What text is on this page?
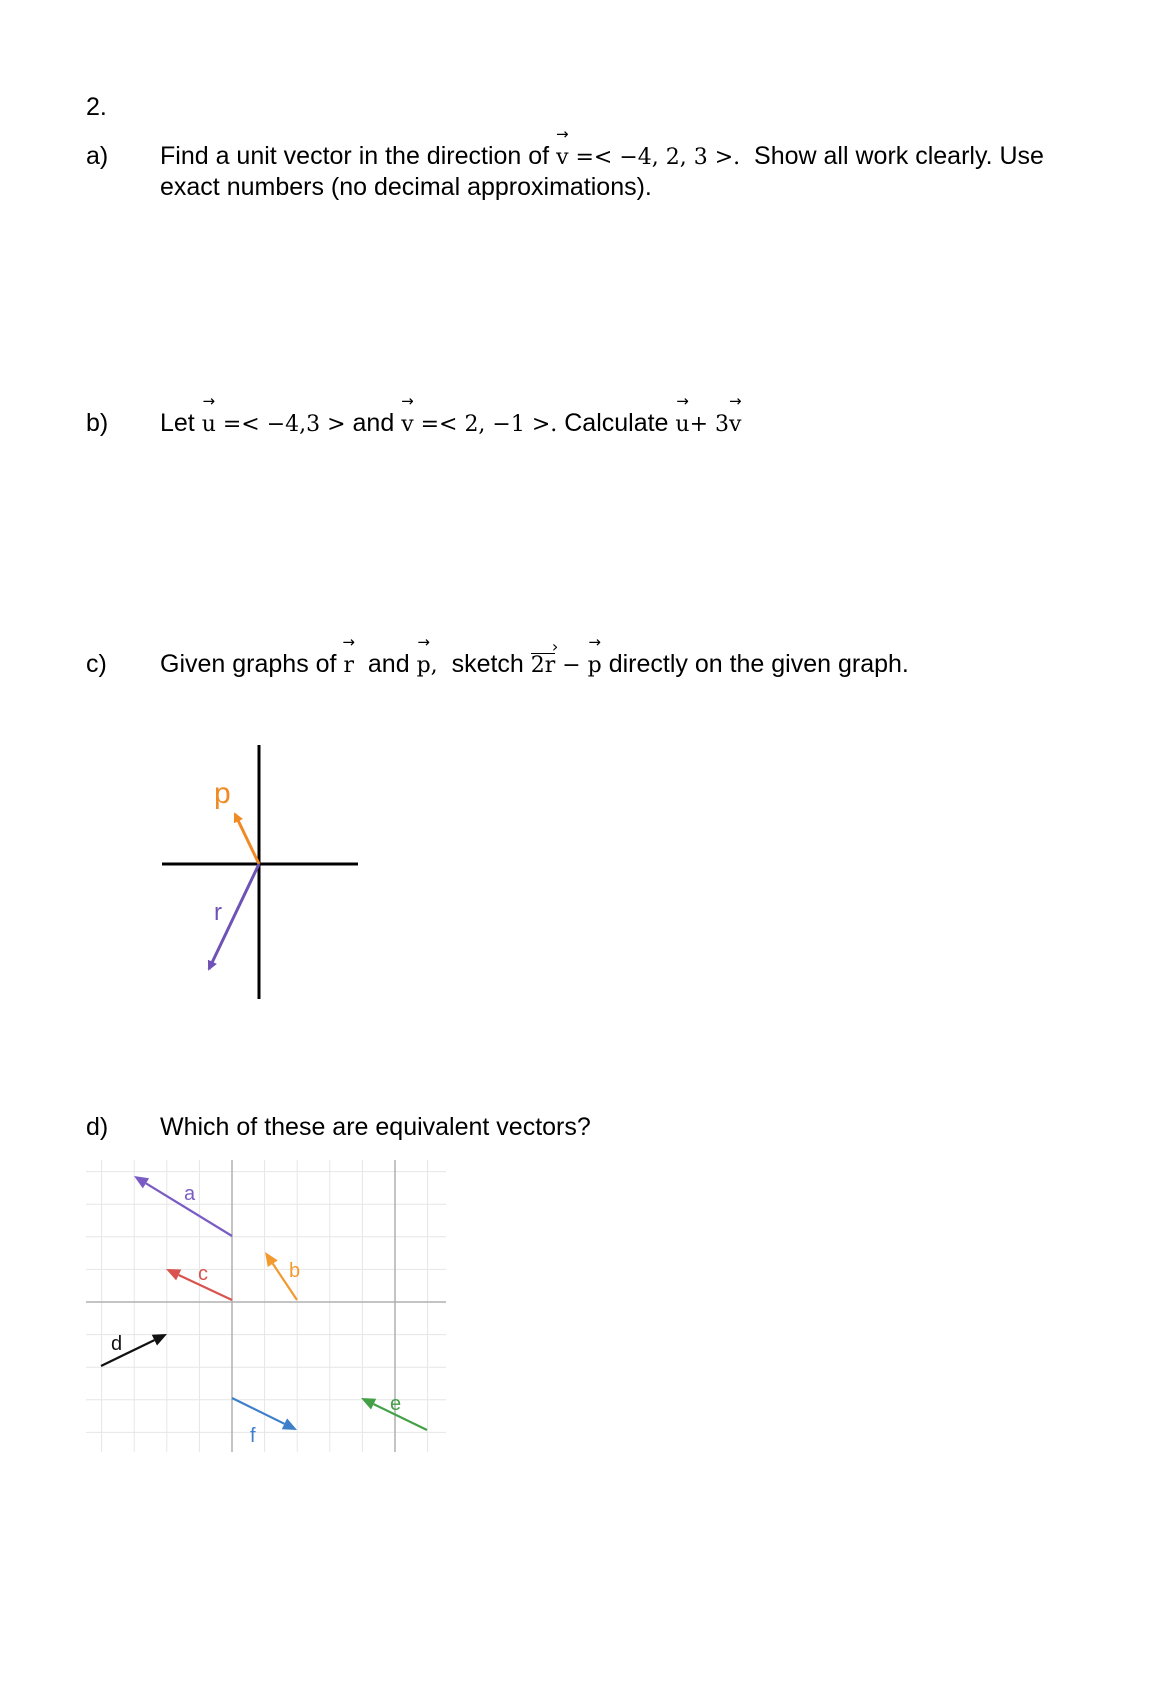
2.
a) Find a unit vector in the direction of → v =< −4, 2, 3 >. Show all work clearly. Use
exact numbers (no decimal approximations).
b) Let → u =< −4,3 > and → v =< 2, −1 >. Calculate → u+ 3→ v
c) Given graphs of → r and → p, sketch 2r › − → p directly on the given graph.
p
r
d) Which of these are equivalent vectors?
a
b
c
d
e
f
